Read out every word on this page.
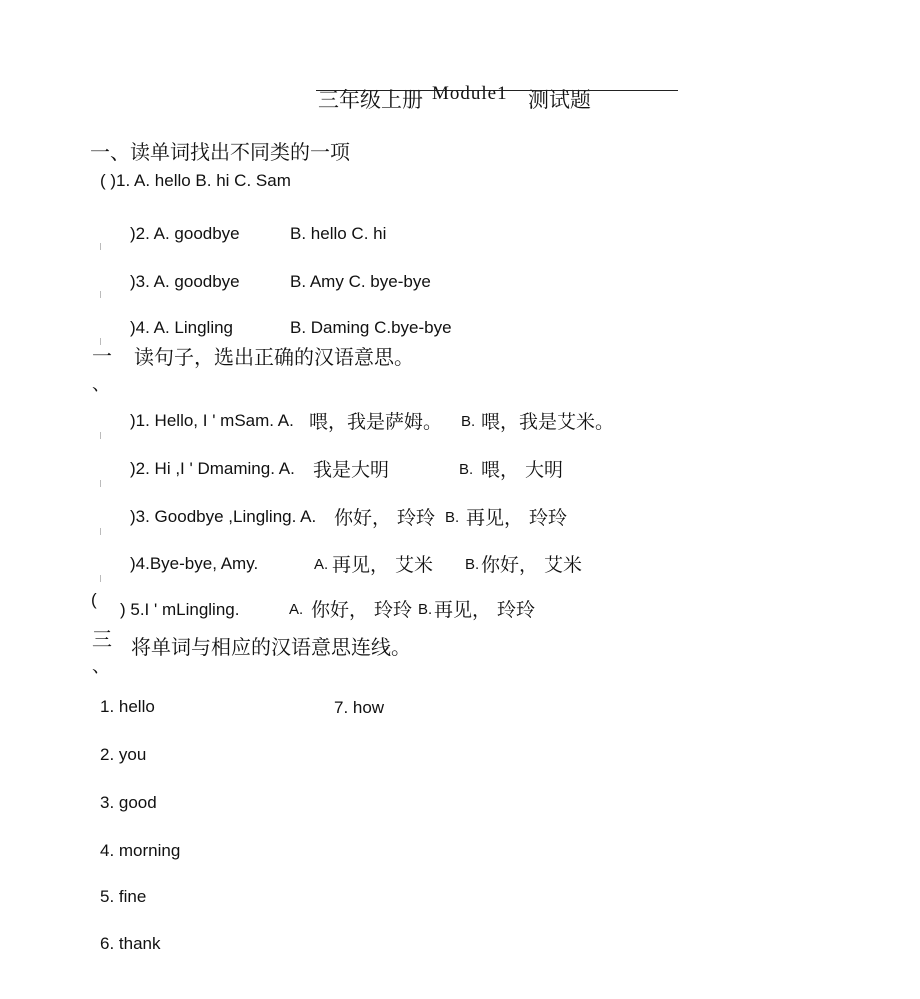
三年级上册 Module1 测试题
一、读单词找出不同类的一项
( )1. A. hello B. hi C. Sam
)2. A. goodbye	B. hello C. hi
)3. A. goodbye	B. Amy C. bye-bye
)4. A. Lingling	B. Daming C.bye-bye
一
、
读句子，选出正确的汉语意思。
)1. Hello, I ' mSam. A. 喂，我是萨姆。 B. 喂，我是艾米。
)2. Hi ,I ' Dmaming. A. 我是大明	B. 喂， 大明
)3. Goodbye ,Lingling. A. 你好， 玲玲 B. 再见， 玲玲
)4.Bye-bye, Amy.	A. 再见， 艾米 B. 你好， 艾米
(
) 5.I ' mLingling.	A. 你好， 玲玲 B. 再见， 玲玲
三
、
将单词与相应的汉语意思连线。
1. hello	7. how
2. you
3. good
4. morning
5. fine
6. thank
